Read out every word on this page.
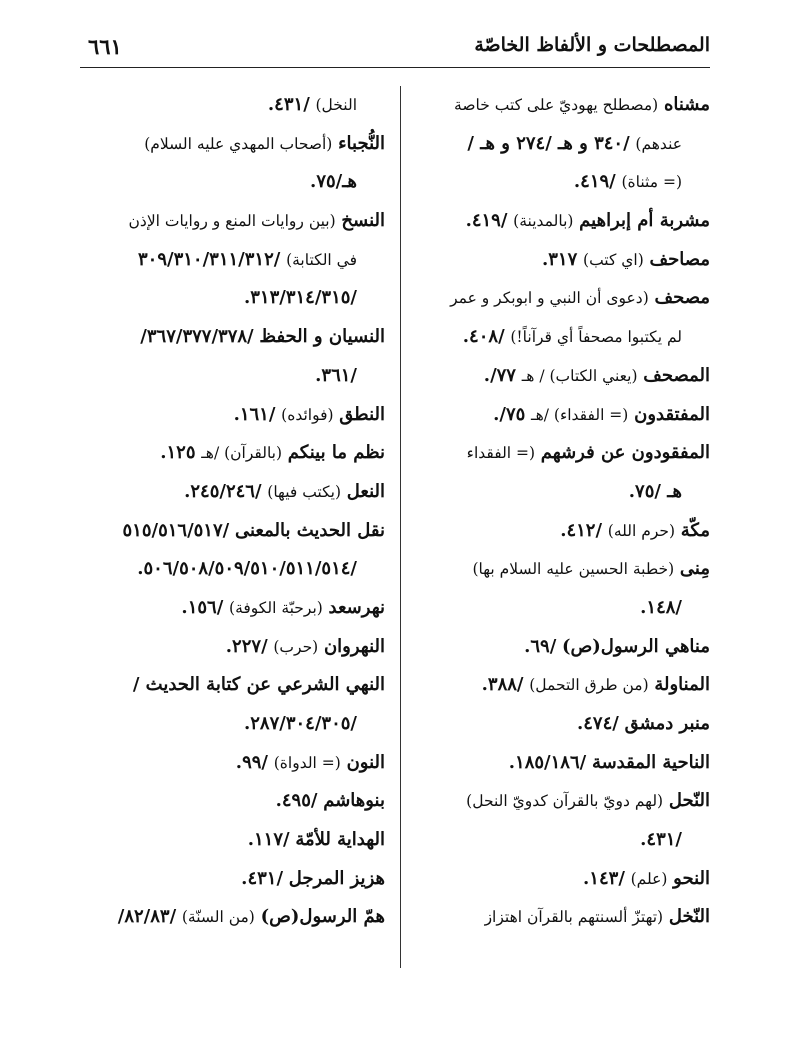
المصطلحات و الألفاظ الخاصّة
٦٦١
مشناه (مصطلح يهوديّ على كتب خاصة
عندهم) /٣٤٠ و هـ /٢٧٤ و هـ /
(= مثناة) /٤١٩.
مشربة أم إبراهيم (بالمدينة) /٤١٩.
مصاحف (اي كتب) ٣١٧.
مصحف (دعوى أن النبي و ابوبكر و عمر
لم يكتبوا مصحفاً أي قرآناً!) /٤٠٨.
المصحف (يعني الكتاب) / هـ ٧٧/.
المفتقدون (= الفقداء) /هـ ٧٥/.
المفقودون عن فرشهم (= الفقداء
هـ /٧٥.
مكّة (حرم الله) /٤١٢.
مِنى (خطبة الحسين عليه السلام بها)
/١٤٨.
مناهي الرسول(ص) /٦٩.
المناولة (من طرق التحمل) /٣٨٨.
منبر دمشق /٤٧٤.
الناحية المقدسة /١٨٥/١٨٦.
النّحل (لهم دويّ بالقرآن كدويّ النحل)
/٤٣١.
النحو (علم) /١٤٣.
النّخل (تهتزّ ألسنتهم بالقرآن اهتزاز
النخل) /٤٣١.
النُّجباء (أصحاب المهدي عليه السلام)
هـ/٧٥.
النسخ (بين روايات المنع و روايات الإذن
في الكتابة) /٣٠٩/٣١٠/٣١١/٣١٢
/٣١٣/٣١٤/٣١٥.
النسيان و الحفظ /٣٦٧/٣٧٧/٣٧٨/
/٣٦١.
النطق (فوائده) /١٦١.
نظم ما بينكم (بالقرآن) /هـ ١٢٥.
النعل (يكتب فيها) /٢٤٥/٢٤٦.
نقل الحديث بالمعنى /٥١٥/٥١٦/٥١٧
/٥٠٦/٥٠٨/٥٠٩/٥١٠/٥١١/٥١٤.
نهرسعد (برحبّة الكوفة) /١٥٦.
النهروان (حرب) /٢٢٧.
النهي الشرعي عن كتابة الحديث /
/٢٨٧/٣٠٤/٣٠٥.
النون (= الدواة) /٩٩.
بنوهاشم /٤٩٥.
الهداية للأمّة /١١٧.
هزيز المرجل /٤٣١.
همّ الرسول(ص) (من السنّة) /٨٢/٨٣/
